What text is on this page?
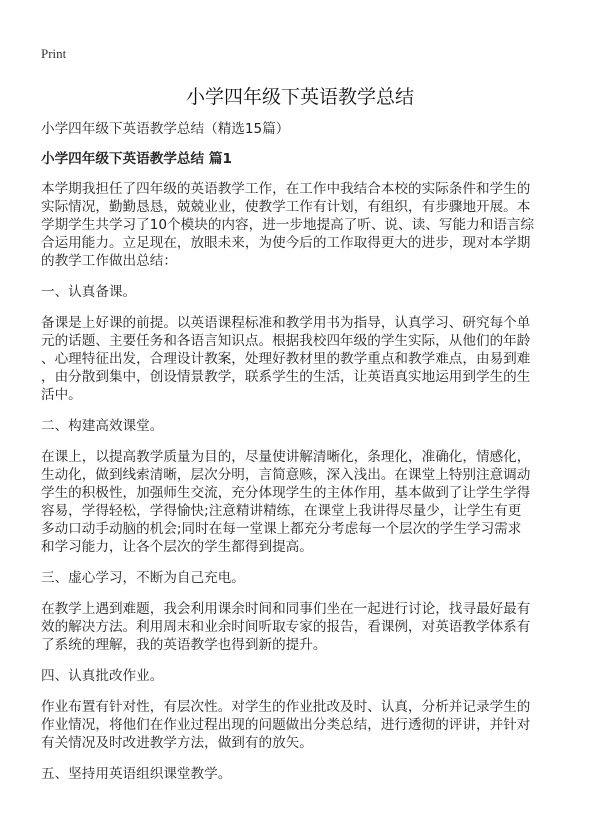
Print
小学四年级下英语教学总结
小学四年级下英语教学总结（精选15篇）
小学四年级下英语教学总结 篇1
本学期我担任了四年级的英语教学工作，在工作中我结合本校的实际条件和学生的
实际情况，勤勤恳恳，兢兢业业，使教学工作有计划，有组织，有步骤地开展。本
学期学生共学习了10个模块的内容，进一步地提高了听、说、读、写能力和语言综
合运用能力。立足现在，放眼未来，为使今后的工作取得更大的进步，现对本学期
的教学工作做出总结：
一、认真备课。
备课是上好课的前提。以英语课程标准和教学用书为指导，认真学习、研究每个单
元的话题、主要任务和各语言知识点。根据我校四年级的学生实际，从他们的年龄
、心理特征出发，合理设计教案，处理好教材里的教学重点和教学难点，由易到难
，由分散到集中，创设情景教学，联系学生的生活，让英语真实地运用到学生的生
活中。
二、构建高效课堂。
在课上，以提高教学质量为目的，尽量使讲解清晰化，条理化，准确化，情感化，
生动化，做到线索清晰，层次分明，言简意赅，深入浅出。在课堂上特别注意调动
学生的积极性，加强师生交流，充分体现学生的主体作用，基本做到了让学生学得
容易，学得轻松，学得愉快;注意精讲精练，在课堂上我讲得尽量少，让学生有更
多动口动手动脑的机会;同时在每一堂课上都充分考虑每一个层次的学生学习需求
和学习能力，让各个层次的学生都得到提高。
三、虚心学习，不断为自己充电。
在教学上遇到难题，我会利用课余时间和同事们坐在一起进行讨论，找寻最好最有
效的解决方法。利用周末和业余时间听取专家的报告，看课例，对英语教学体系有
了系统的理解，我的英语教学也得到新的提升。
四、认真批改作业。
作业布置有针对性，有层次性。对学生的作业批改及时、认真，分析并记录学生的
作业情况，将他们在作业过程出现的问题做出分类总结，进行透彻的评讲，并针对
有关情况及时改进教学方法，做到有的放矢。
五、坚持用英语组织课堂教学。
